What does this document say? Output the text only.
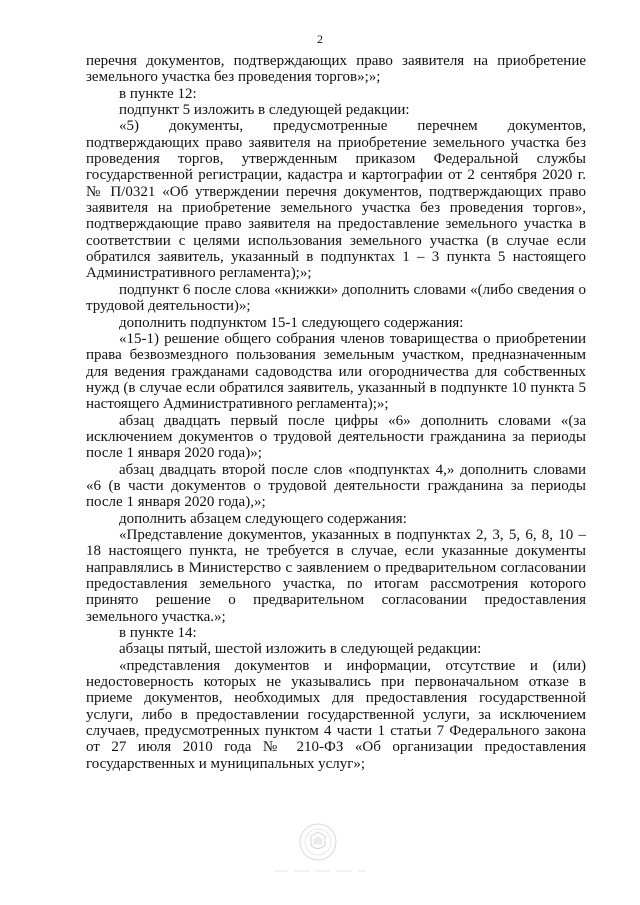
2

перечня документов, подтверждающих право заявителя на приобретение земельного участка без проведения торгов»;»;

в пункте 12:

подпункт 5 изложить в следующей редакции:

«5) документы, предусмотренные перечнем документов, подтверждающих право заявителя на приобретение земельного участка без проведения торгов, утвержденным приказом Федеральной службы государственной регистрации, кадастра и картографии от 2 сентября 2020 г. № П/0321 «Об утверждении перечня документов, подтверждающих право заявителя на приобретение земельного участка без проведения торгов», подтверждающие право заявителя на предоставление земельного участка в соответствии с целями использования земельного участка (в случае если обратился заявитель, указанный в подпунктах 1 – 3 пункта 5 настоящего Административного регламента);»;

подпункт 6 после слова «книжки» дополнить словами «(либо сведения о трудовой деятельности)»;

дополнить подпунктом 15-1 следующего содержания:

«15-1) решение общего собрания членов товарищества о приобретении права безвозмездного пользования земельным участком, предназначенным для ведения гражданами садоводства или огородничества для собственных нужд (в случае если обратился заявитель, указанный в подпункте 10 пункта 5 настоящего Административного регламента);»;

абзац двадцать первый после цифры «6» дополнить словами «(за исключением документов о трудовой деятельности гражданина за периоды после 1 января 2020 года)»;

абзац двадцать второй после слов «подпунктах 4,» дополнить словами «6 (в части документов о трудовой деятельности гражданина за периоды после 1 января 2020 года),»;

дополнить абзацем следующего содержания:

«Представление документов, указанных в подпунктах 2, 3, 5, 6, 8, 10 – 18 настоящего пункта, не требуется в случае, если указанные документы направлялись в Министерство с заявлением о предварительном согласовании предоставления земельного участка, по итогам рассмотрения которого принято решение о предварительном согласовании предоставления земельного участка.»;

в пункте 14:

абзацы пятый, шестой изложить в следующей редакции:

«представления документов и информации, отсутствие и (или) недостоверность которых не указывались при первоначальном отказе в приеме документов, необходимых для предоставления государственной услуги, либо в предоставлении государственной услуги, за исключением случаев, предусмотренных пунктом 4 части 1 статьи 7 Федерального закона от 27 июля 2010 года № 210-ФЗ «Об организации предоставления государственных и муниципальных услуг»;
